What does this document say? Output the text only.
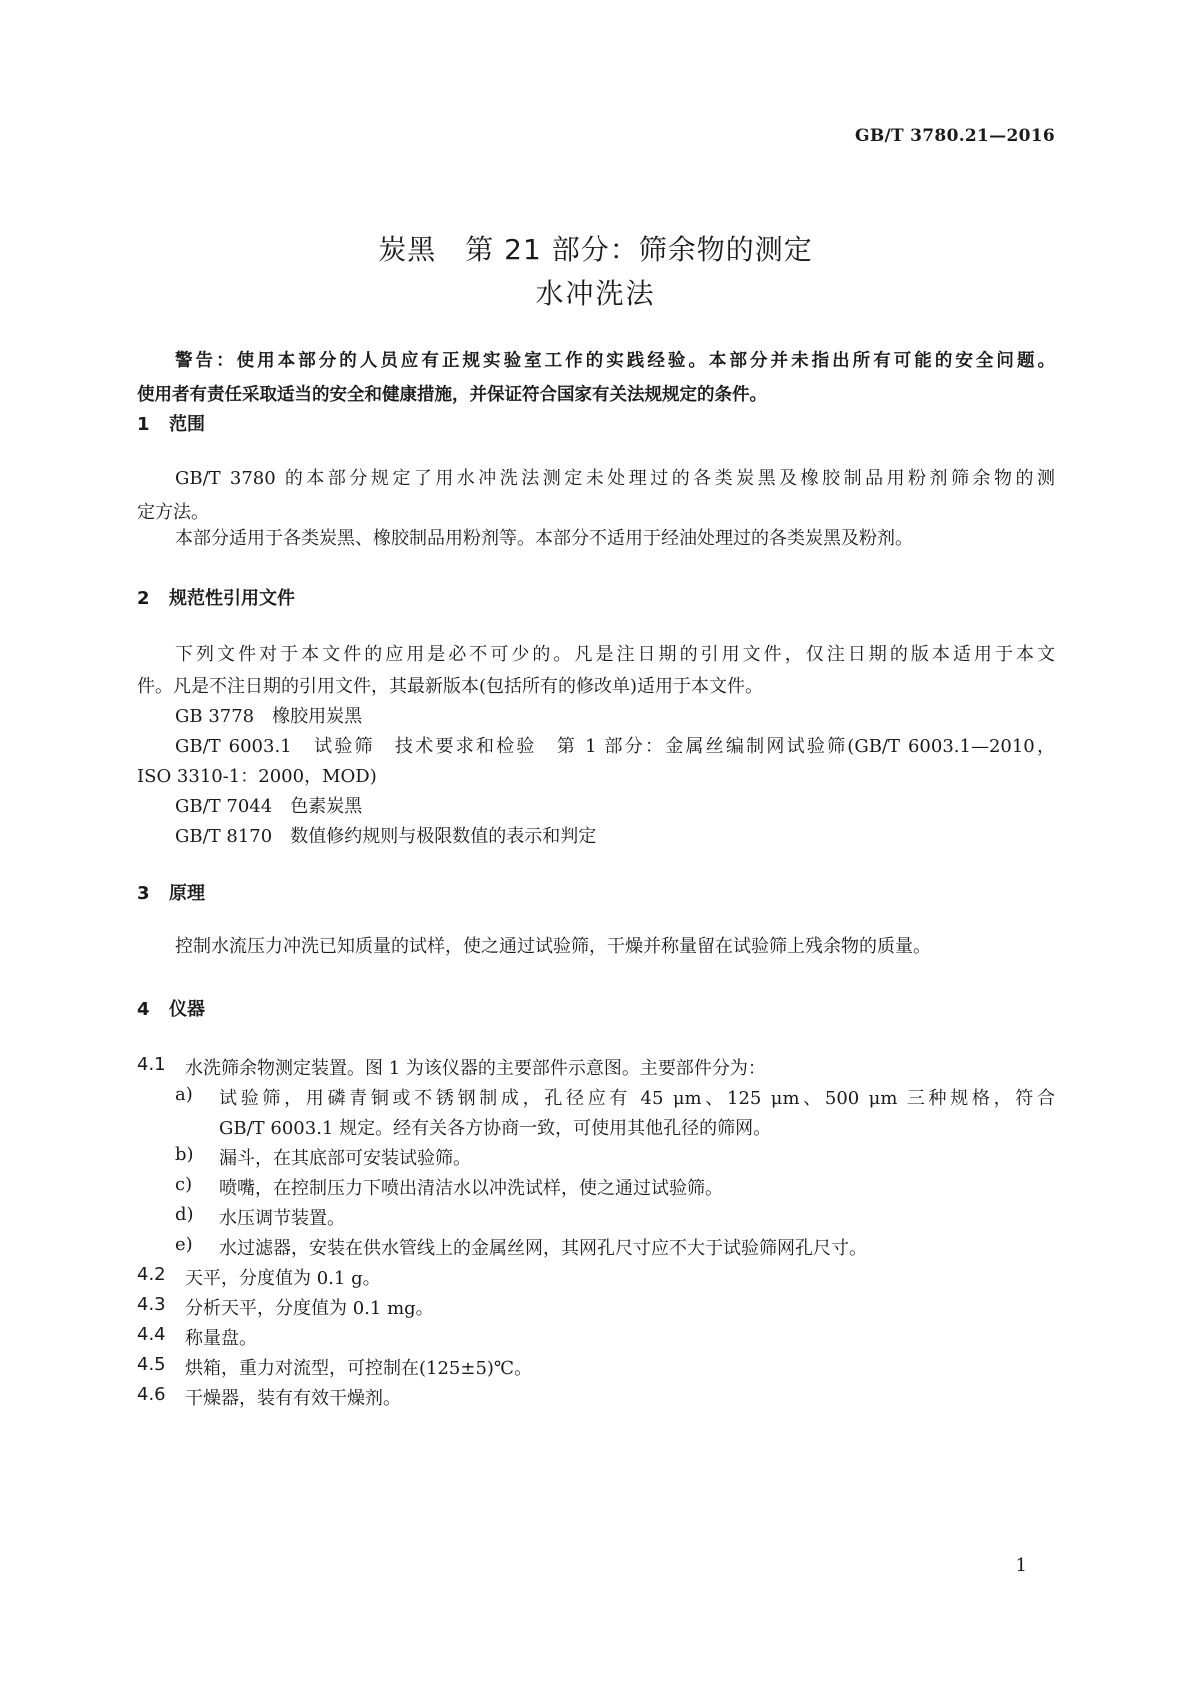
GB/T 3780.21—2016
炭黑　第 21 部分：筛余物的测定
水冲洗法
警告：使用本部分的人员应有正规实验室工作的实践经验。本部分并未指出所有可能的安全问题。
使用者有责任采取适当的安全和健康措施，并保证符合国家有关法规规定的条件。
1 范围
GB/T 3780 的本部分规定了用水冲洗法测定未处理过的各类炭黑及橡胶制品用粉剂筛余物的测
定方法。
本部分适用于各类炭黑、橡胶制品用粉剂等。本部分不适用于经油处理过的各类炭黑及粉剂。
2 规范性引用文件
下列文件对于本文件的应用是必不可少的。凡是注日期的引用文件，仅注日期的版本适用于本文
件。凡是不注日期的引用文件，其最新版本(包括所有的修改单)适用于本文件。
GB 3778　橡胶用炭黑
GB/T 6003.1　试验筛　技术要求和检验　第 1 部分：金属丝编制网试验筛(GB/T 6003.1—2010，
ISO 3310-1：2000，MOD)
GB/T 7044　色素炭黑
GB/T 8170　数值修约规则与极限数值的表示和判定
3 原理
控制水流压力冲洗已知质量的试样，使之通过试验筛，干燥并称量留在试验筛上残余物的质量。
4 仪器
4.1 水洗筛余物测定装置。图 1 为该仪器的主要部件示意图。主要部件分为：
a) 试验筛，用磷青铜或不锈钢制成，孔径应有 45 μm、125 μm、500 μm 三种规格，符合
GB/T 6003.1 规定。经有关各方协商一致，可使用其他孔径的筛网。
b) 漏斗，在其底部可安装试验筛。
c) 喷嘴，在控制压力下喷出清洁水以冲洗试样，使之通过试验筛。
d) 水压调节装置。
e) 水过滤器，安装在供水管线上的金属丝网，其网孔尺寸应不大于试验筛网孔尺寸。
4.2 天平，分度值为 0.1 g。
4.3 分析天平，分度值为 0.1 mg。
4.4 称量盘。
4.5 烘箱，重力对流型，可控制在(125±5)℃。
4.6 干燥器，装有有效干燥剂。
1
